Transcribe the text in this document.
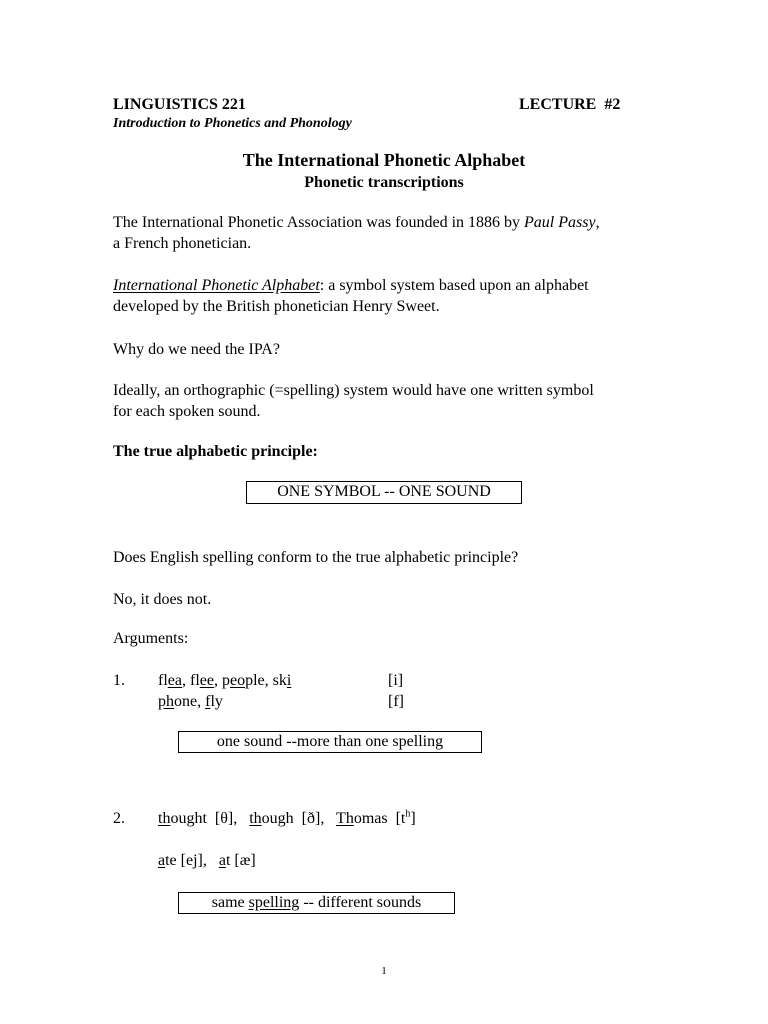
LINGUISTICS 221	LECTURE  #2
Introduction to Phonetics and Phonology
The International Phonetic Alphabet
Phonetic transcriptions
The International Phonetic Association was founded in 1886 by Paul Passy,
a French phonetician.
International Phonetic Alphabet: a symbol system based upon an alphabet
developed by the British phonetician Henry Sweet.
Why do we need the IPA?
Ideally, an orthographic (=spelling) system would have one written symbol
for each spoken sound.
The true alphabetic principle:
ONE SYMBOL -- ONE SOUND
Does English spelling conform to the true alphabetic principle?
No, it does not.
Arguments:
1. flea, flee, people, ski	[i]
phone, fly	[f]
one sound --more than one spelling
2. thought  [θ],   though  [ð],   Thomas  $[t^h]$
ate [ej],   at [æ]
same spelling -- different sounds
1
